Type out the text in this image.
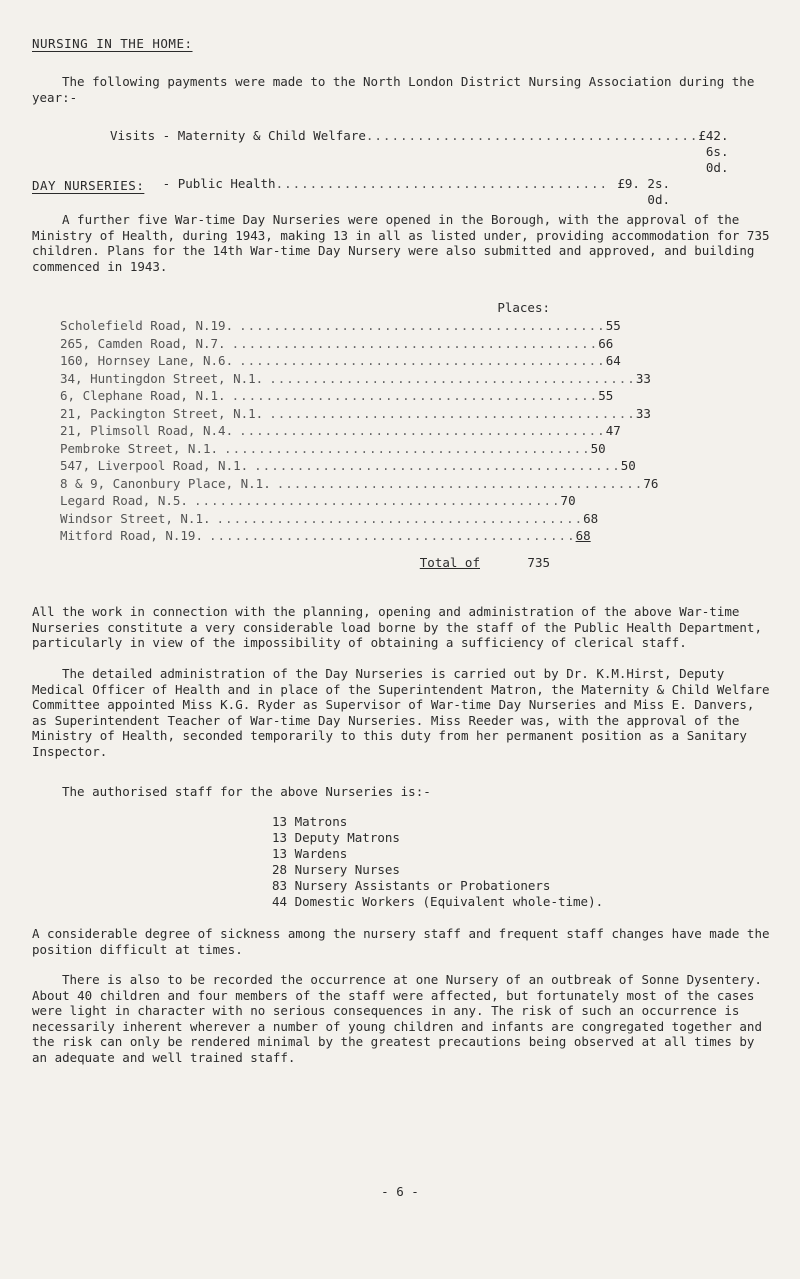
NURSING IN THE HOME:
The following payments were made to the North London District Nursing Association during the year:-
Visits - Maternity & Child Welfare ....................................... £42. 6s. 0d.
- Public Health ....................................... £9. 2s. 0d.
DAY NURSERIES:
A further five War-time Day Nurseries were opened in the Borough, with the approval of the Ministry of Health, during 1943, making 13 in all as listed under, providing accommodation for 735 children. Plans for the 14th War-time Day Nursery were also submitted and approved, and building commenced in 1943.
Places:
Scholefield Road, N.19. ........................................... 55
265, Camden Road, N.7. ........................................... 66
160, Hornsey Lane, N.6. ........................................... 64
34, Huntingdon Street, N.1. ........................................... 33
6, Clephane Road, N.1. ........................................... 55
21, Packington Street, N.1. ........................................... 33
21, Plimsoll Road, N.4. ........................................... 47
Pembroke Street, N.1. ........................................... 50
547, Liverpool Road, N.1. ........................................... 50
8 & 9, Canonbury Place, N.1. ........................................... 76
Legard Road, N.5. ........................................... 70
Windsor Street, N.1. ........................................... 68
Mitford Road, N.19. ........................................... 68
Total of	735
All the work in connection with the planning, opening and administration of the above War-time Nurseries constitute a very considerable load borne by the staff of the Public Health Department, particularly in view of the impossibility of obtaining a sufficiency of clerical staff.
The detailed administration of the Day Nurseries is carried out by Dr. K.M.Hirst, Deputy Medical Officer of Health and in place of the Superintendent Matron, the Maternity & Child Welfare Committee appointed Miss K.G. Ryder as Supervisor of War-time Day Nurseries and Miss E. Danvers, as Superintendent Teacher of War-time Day Nurseries. Miss Reeder was, with the approval of the Ministry of Health, seconded temporarily to this duty from her permanent position as a Sanitary Inspector.
The authorised staff for the above Nurseries is:-
13 Matrons
13 Deputy Matrons
13 Wardens
28 Nursery Nurses
83 Nursery Assistants or Probationers
44 Domestic Workers (Equivalent whole-time).
A considerable degree of sickness among the nursery staff and frequent staff changes have made the position difficult at times.
There is also to be recorded the occurrence at one Nursery of an outbreak of Sonne Dysentery. About 40 children and four members of the staff were affected, but fortunately most of the cases were light in character with no serious consequences in any. The risk of such an occurrence is necessarily inherent wherever a number of young children and infants are congregated together and the risk can only be rendered minimal by the greatest precautions being observed at all times by an adequate and well trained staff.
- 6 -
